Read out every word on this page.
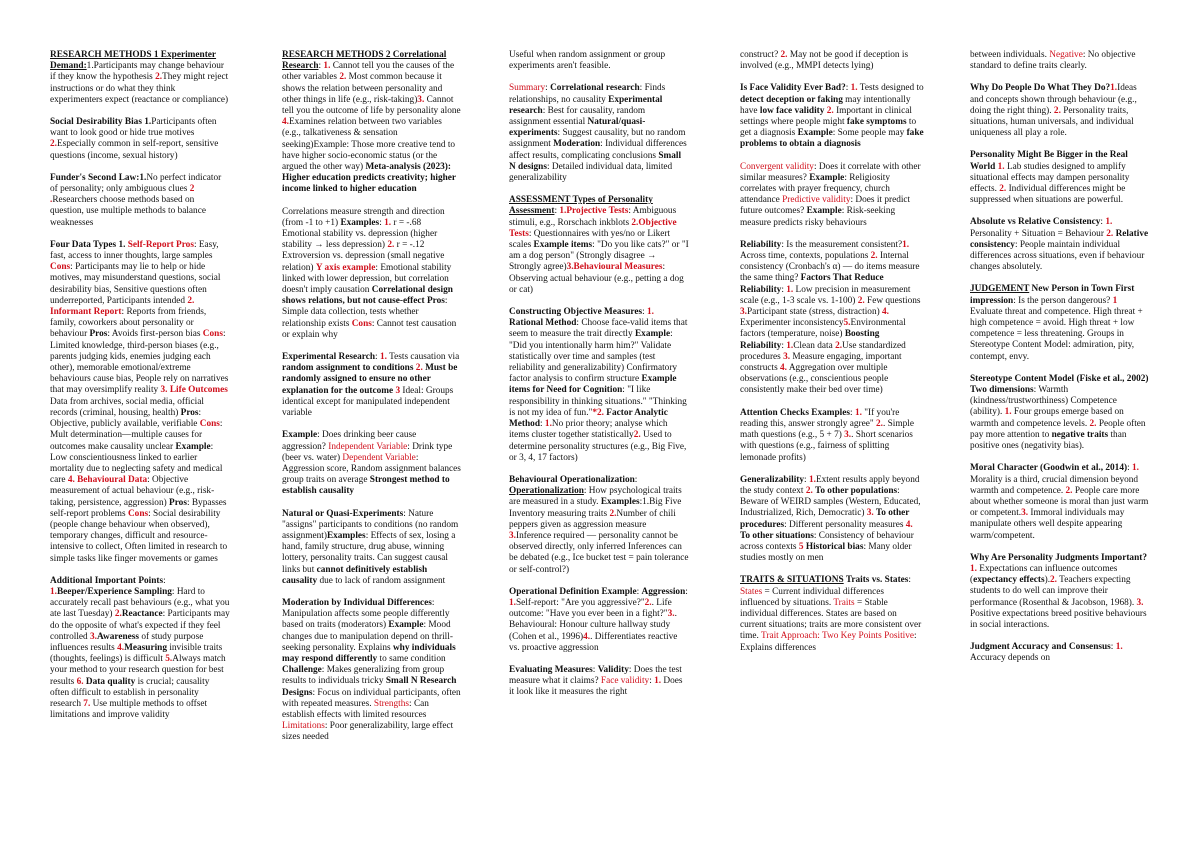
RESEARCH METHODS 1 Experimenter Demand:1.Participants may change behaviour if they know the hypothesis 2.They might reject instructions or do what they think experimenters expect (reactance or compliance)
Social Desirability Bias 1.Participants often want to look good or hide true motives 2.Especially common in self-report, sensitive questions (income, sexual history)
Funder's Second Law:1.No perfect indicator of personality; only ambiguous clues 2 .Researchers choose methods based on question, use multiple methods to balance weaknesses
Four Data Types 1. Self-Report Pros: Easy, fast, access to inner thoughts, large samples Cons: Participants may lie to help or hide motives, may misunderstand questions, social desirability bias, Sensitive questions often underreported, Participants intended 2. Informant Report: Reports from friends, family, coworkers about personality or behaviour Pros: Avoids first-person bias Cons: Limited knowledge, third-person biases (e.g., parents judging kids, enemies judging each other), memorable emotional/extreme behaviours cause bias, People rely on narratives that may oversimplify reality 3. Life Outcomes Data from archives, social media, official records (criminal, housing, health) Pros: Objective, publicly available, verifiable Cons: Mult determination—multiple causes for outcomes make causality unclear Example: Low conscientiousness linked to earlier mortality due to neglecting safety and medical care 4. Behavioural Data: Objective measurement of actual behaviour (e.g., risk-taking, persistence, aggression) Pros: Bypasses self-report problems Cons: Social desirability (people change behaviour when observed), temporary changes, difficult and resource-intensive to collect, Often limited in research to simple tasks like finger movements or games
Additional Important Points: 1.Beeper/Experience Sampling: Hard to accurately recall past behaviours (e.g., what you ate last Tuesday) 2.Reactance: Participants may do the opposite of what's expected if they feel controlled 3.Awareness of study purpose influences results 4.Measuring invisible traits (thoughts, feelings) is difficult 5.Always match your method to your research question for best results 6. Data quality is crucial; causality often difficult to establish in personality research 7. Use multiple methods to offset limitations and improve validity
RESEARCH METHODS 2 Correlational Research: 1. Cannot tell you the causes of the other variables 2. Most common because it shows the relation between personality and other things in life (e.g., risk-taking)3. Cannot tell you the outcome of life by personality alone 4.Examines relation between two variables (e.g., talkativeness & sensation seeking)Example: Those more creative tend to have higher socio-economic status (or the argued the other way) Meta-analysis (2023): Higher education predicts creativity; higher income linked to higher education
Correlations measure strength and direction (from -1 to +1) Examples: 1. r = -.68 Emotional stability vs. depression (higher stability → less depression) 2. r = -.12 Extroversion vs. depression (small negative relation) Y axis example: Emotional stability linked with lower depression, but correlation doesn't imply causation Correlational design shows relations, but not cause-effect Pros: Simple data collection, tests whether relationship exists Cons: Cannot test causation or explain why
Experimental Research: 1. Tests causation via random assignment to conditions 2. Must be randomly assigned to ensure no other explanation for the outcome 3 Ideal: Groups identical except for manipulated independent variable
Example: Does drinking beer cause aggression? Independent Variable: Drink type (beer vs. water) Dependent Variable: Aggression score, Random assignment balances group traits on average Strongest method to establish causality
Natural or Quasi-Experiments: Nature "assigns" participants to conditions (no random assignment)Examples: Effects of sex, losing a hand, family structure, drug abuse, winning lottery, personality traits. Can suggest causal links but cannot definitively establish causality due to lack of random assignment
Moderation by Individual Differences: Manipulation affects some people differently based on traits (moderators) Example: Mood changes due to manipulation depend on thrill-seeking personality. Explains why individuals may respond differently to same condition Challenge: Makes generalizing from group results to individuals tricky Small N Research Designs: Focus on individual participants, often with repeated measures. Strengths: Can establish effects with limited resources Limitations: Poor generalizability, large effect sizes needed
Useful when random assignment or group experiments aren't feasible.
Summary: Correlational research: Finds relationships, no causality Experimental research: Best for causality, random assignment essential Natural/quasi-experiments: Suggest causality, but no random assignment Moderation: Individual differences affect results, complicating conclusions Small N designs: Detailed individual data, limited generalizability
ASSESSMENT Types of Personality Assessment: 1.Projective Tests: Ambiguous stimuli, e.g., Rorschach inkblots 2.Objective Tests: Questionnaires with yes/no or Likert scales Example items: "Do you like cats?" or "I am a dog person" (Strongly disagree → Strongly agree)3.Behavioural Measures: Observing actual behaviour (e.g., petting a dog or cat)
Constructing Objective Measures: 1. Rational Method: Choose face-valid items that seem to measure the trait directly Example: "Did you intentionally harm him?" Validate statistically over time and samples (test reliability and generalizability) Confirmatory factor analysis to confirm structure Example items for Need for Cognition: "I like responsibility in thinking situations." "Thinking is not my idea of fun."*2. Factor Analytic Method: 1.No prior theory; analyse which items cluster together statistically2. Used to determine personality structures (e.g., Big Five, or 3, 4, 17 factors)
Behavioural Operationalization: Operationalization: How psychological traits are measured in a study. Examples:1.Big Five Inventory measuring traits 2.Number of chili peppers given as aggression measure 3.Inference required — personality cannot be observed directly, only inferred Inferences can be debated (e.g., Ice bucket test = pain tolerance or self-control?)
Operational Definition Example: Aggression: 1.Self-report: "Are you aggressive?"2.. Life outcome: "Have you ever been in a fight?"3.. Behavioural: Honour culture hallway study (Cohen et al., 1996)4.. Differentiates reactive vs. proactive aggression
Evaluating Measures: Validity: Does the test measure what it claims? Face validity: 1. Does it look like it measures the right
construct? 2. May not be good if deception is involved (e.g., MMPI detects lying)
Is Face Validity Ever Bad?: 1. Tests designed to detect deception or faking may intentionally have low face validity 2. Important in clinical settings where people might fake symptoms to get a diagnosis Example: Some people may fake problems to obtain a diagnosis
Convergent validity: Does it correlate with other similar measures? Example: Religiosity correlates with prayer frequency, church attendance Predictive validity: Does it predict future outcomes? Example: Risk-seeking measure predicts risky behaviours
Reliability: Is the measurement consistent?1. Across time, contexts, populations 2. Internal consistency (Cronbach's α) — do items measure the same thing? Factors That Reduce Reliability: 1. Low precision in measurement scale (e.g., 1-3 scale vs. 1-100) 2. Few questions 3.Participant state (stress, distraction) 4. Experimenter inconsistency5.Environmental factors (temperature, noise) Boosting Reliability: 1.Clean data 2.Use standardized procedures 3. Measure engaging, important constructs 4. Aggregation over multiple observations (e.g., conscientious people consistently make their bed over time)
Attention Checks Examples: 1. "If you're reading this, answer strongly agree" 2.. Simple math questions (e.g., 5 + 7) 3.. Short scenarios with questions (e.g., fairness of splitting lemonade profits)
Generalizability: 1.Extent results apply beyond the study context 2. To other populations: Beware of WEIRD samples (Western, Educated, Industrialized, Rich, Democratic) 3. To other procedures: Different personality measures 4. To other situations: Consistency of behaviour across contexts 5 Historical bias: Many older studies mostly on men
TRAITS & SITUATIONS Traits vs. States: States = Current individual differences influenced by situations. Traits = Stable individual differences. States are based on current situations; traits are more consistent over time. Trait Approach: Two Key Points Positive: Explains differences
between individuals. Negative: No objective standard to define traits clearly.
Why Do People Do What They Do?1.Ideas and concepts shown through behaviour (e.g., doing the right thing). 2. Personality traits, situations, human universals, and individual uniqueness all play a role.
Personality Might Be Bigger in the Real World 1. Lab studies designed to amplify situational effects may dampen personality effects. 2. Individual differences might be suppressed when situations are powerful.
Absolute vs Relative Consistency: 1. Personality + Situation = Behaviour 2. Relative consistency: People maintain individual differences across situations, even if behaviour changes absolutely.
JUDGEMENT New Person in Town First impression: Is the person dangerous? 1 Evaluate threat and competence. High threat + high competence = avoid. High threat + low competence = less threatening. Groups in Stereotype Content Model: admiration, pity, contempt, envy.
Stereotype Content Model (Fiske et al., 2002) Two dimensions: Warmth (kindness/trustworthiness) Competence (ability). 1. Four groups emerge based on warmth and competence levels. 2. People often pay more attention to negative traits than positive ones (negativity bias).
Moral Character (Goodwin et al., 2014): 1. Morality is a third, crucial dimension beyond warmth and competence. 2. People care more about whether someone is moral than just warm or competent.3. Immoral individuals may manipulate others well despite appearing warm/competent.
Why Are Personality Judgments Important?1. Expectations can influence outcomes (expectancy effects).2. Teachers expecting students to do well can improve their performance (Rosenthal & Jacobson, 1968). 3. Positive expectations breed positive behaviours in social interactions.
Judgment Accuracy and Consensus: 1. Accuracy depends on
